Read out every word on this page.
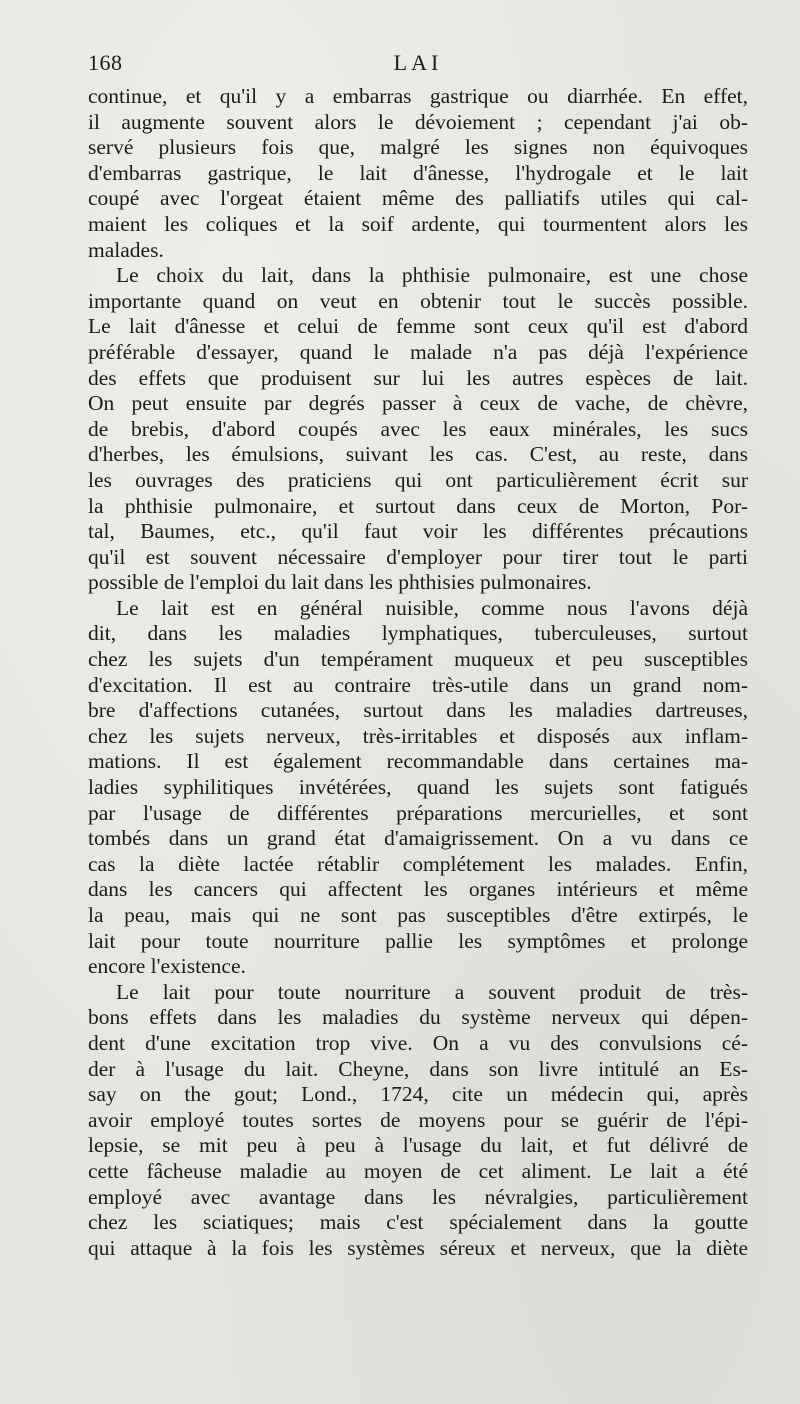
168	LAI

continue, et qu'il y a embarras gastrique ou diarrhée. En effet,
il augmente souvent alors le dévoiement ; cependant j'ai ob-
servé plusieurs fois que, malgré les signes non équivoques
d'embarras gastrique, le lait d'ânesse, l'hydrogale et le lait
coupé avec l'orgeat étaient même des palliatifs utiles qui cal-
maient les coliques et la soif ardente, qui tourmentent alors les
malades.

Le choix du lait, dans la phthisie pulmonaire, est une chose
importante quand on veut en obtenir tout le succès possible.
Le lait d'ânesse et celui de femme sont ceux qu'il est d'abord
préférable d'essayer, quand le malade n'a pas déjà l'expérience
des effets que produisent sur lui les autres espèces de lait.
On peut ensuite par degrés passer à ceux de vache, de chèvre,
de brebis, d'abord coupés avec les eaux minérales, les sucs
d'herbes, les émulsions, suivant les cas. C'est, au reste, dans
les ouvrages des praticiens qui ont particulièrement écrit sur
la phthisie pulmonaire, et surtout dans ceux de Morton, Por-
tal, Baumes, etc., qu'il faut voir les différentes précautions
qu'il est souvent nécessaire d'employer pour tirer tout le parti
possible de l'emploi du lait dans les phthisies pulmonaires.

Le lait est en général nuisible, comme nous l'avons déjà
dit, dans les maladies lymphatiques, tuberculeuses, surtout
chez les sujets d'un tempérament muqueux et peu susceptibles
d'excitation. Il est au contraire très-utile dans un grand nom-
bre d'affections cutanées, surtout dans les maladies dartreuses,
chez les sujets nerveux, très-irritables et disposés aux inflam-
mations. Il est également recommandable dans certaines ma-
ladies syphilitiques invétérées, quand les sujets sont fatigués
par l'usage de différentes préparations mercurielles, et sont
tombés dans un grand état d'amaigrissement. On a vu dans ce
cas la diète lactée rétablir complétement les malades. Enfin,
dans les cancers qui affectent les organes intérieurs et même
la peau, mais qui ne sont pas susceptibles d'être extirpés, le
lait pour toute nourriture pallie les symptômes et prolonge
encore l'existence.

Le lait pour toute nourriture a souvent produit de très-
bons effets dans les maladies du système nerveux qui dépen-
dent d'une excitation trop vive. On a vu des convulsions cé-
der à l'usage du lait. Cheyne, dans son livre intitulé an Es-
say on the gout; Lond., 1724, cite un médecin qui, après
avoir employé toutes sortes de moyens pour se guérir de l'épi-
lepsie, se mit peu à peu à l'usage du lait, et fut délivré de
cette fâcheuse maladie au moyen de cet aliment. Le lait a été
employé avec avantage dans les névralgies, particulièrement
chez les sciatiques; mais c'est spécialement dans la goutte
qui attaque à la fois les systèmes séreux et nerveux, que la diète
